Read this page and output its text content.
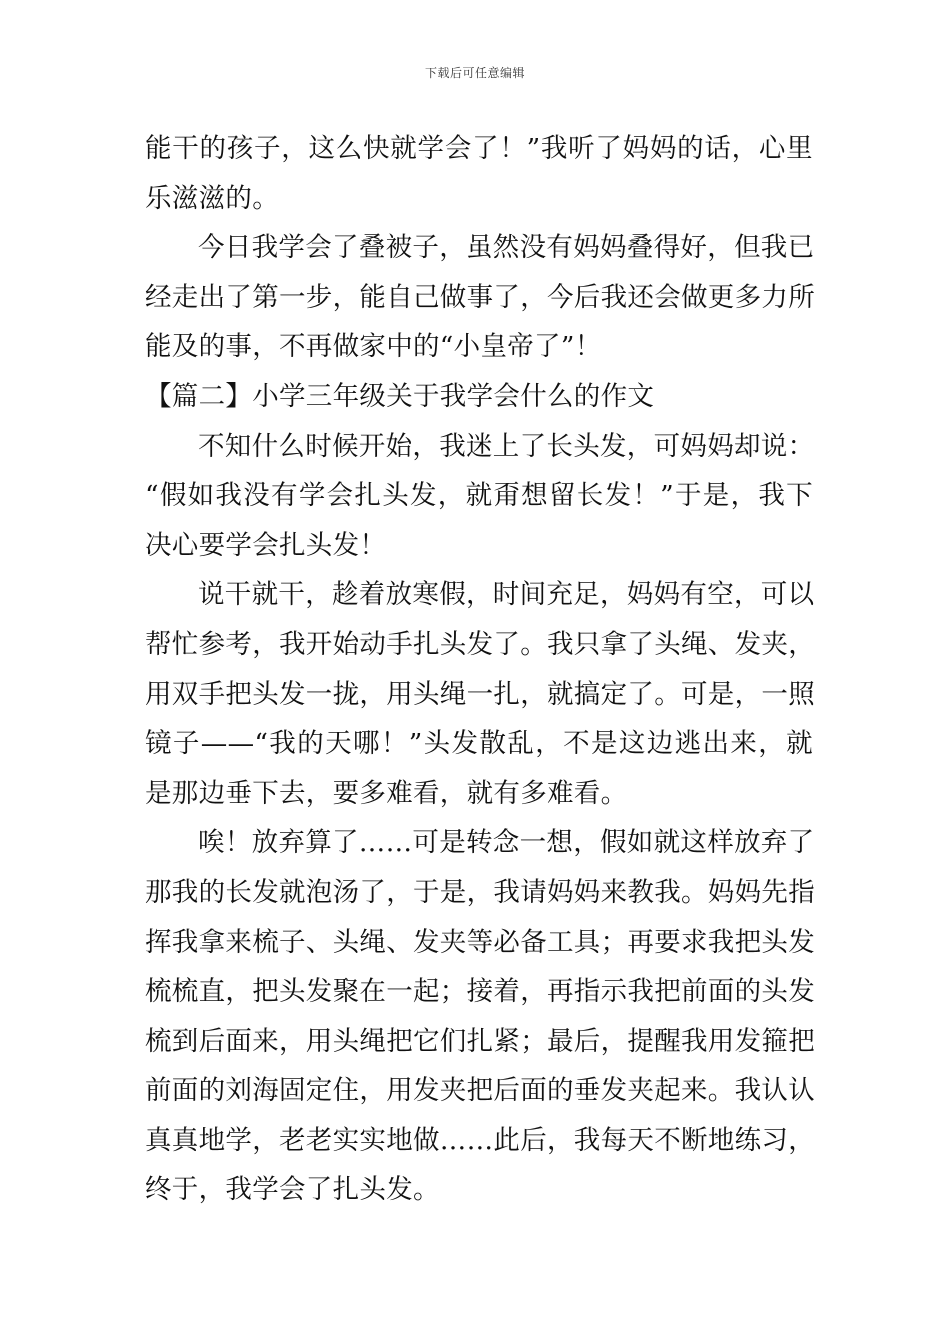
下载后可任意编辑
能干的孩子，这么快就学会了！”我听了妈妈的话，心里
乐滋滋的。
今日我学会了叠被子，虽然没有妈妈叠得好，但我已
经走出了第一步，能自己做事了，今后我还会做更多力所
能及的事，不再做家中的“小皇帝了”！
【篇二】小学三年级关于我学会什么的作文
不知什么时候开始，我迷上了长头发，可妈妈却说：
“假如我没有学会扎头发，就甭想留长发！”于是，我下
决心要学会扎头发！
说干就干，趁着放寒假，时间充足，妈妈有空，可以
帮忙参考，我开始动手扎头发了。我只拿了头绳、发夹，
用双手把头发一拢，用头绳一扎，就搞定了。可是，一照
镜子——“我的天哪！”头发散乱，不是这边逃出来，就
是那边垂下去，要多难看，就有多难看。
唉！放弃算了……可是转念一想，假如就这样放弃了
那我的长发就泡汤了，于是，我请妈妈来教我。妈妈先指
挥我拿来梳子、头绳、发夹等必备工具；再要求我把头发
梳梳直，把头发聚在一起；接着，再指示我把前面的头发
梳到后面来，用头绳把它们扎紧；最后，提醒我用发箍把
前面的刘海固定住，用发夹把后面的垂发夹起来。我认认
真真地学，老老实实地做……此后，我每天不断地练习，
终于，我学会了扎头发。
